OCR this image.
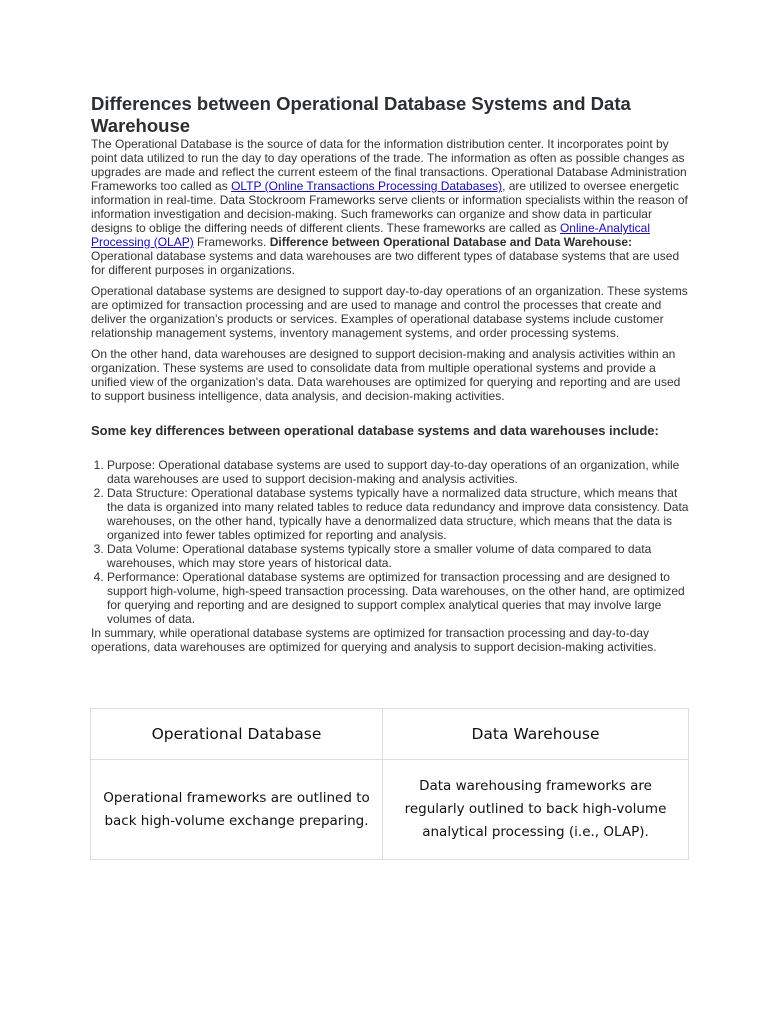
Differences between Operational Database Systems and Data Warehouse

The Operational Database is the source of data for the information distribution center. It incorporates point by point data utilized to run the day to day operations of the trade. The information as often as possible changes as upgrades are made and reflect the current esteem of the final transactions. Operational Database Administration Frameworks too called as OLTP (Online Transactions Processing Databases), are utilized to oversee energetic information in real-time. Data Stockroom Frameworks serve clients or information specialists within the reason of information investigation and decision-making. Such frameworks can organize and show data in particular designs to oblige the differing needs of different clients. These frameworks are called as Online-Analytical Processing (OLAP) Frameworks. Difference between Operational Database and Data Warehouse:

Operational database systems and data warehouses are two different types of database systems that are used for different purposes in organizations.

Operational database systems are designed to support day-to-day operations of an organization. These systems are optimized for transaction processing and are used to manage and control the processes that create and deliver the organization's products or services. Examples of operational database systems include customer relationship management systems, inventory management systems, and order processing systems.

On the other hand, data warehouses are designed to support decision-making and analysis activities within an organization. These systems are used to consolidate data from multiple operational systems and provide a unified view of the organization's data. Data warehouses are optimized for querying and reporting and are used to support business intelligence, data analysis, and decision-making activities.

Some key differences between operational database systems and data warehouses include:
1. Purpose: Operational database systems are used to support day-to-day operations of an organization, while data warehouses are used to support decision-making and analysis activities.
2. Data Structure: Operational database systems typically have a normalized data structure, which means that the data is organized into many related tables to reduce data redundancy and improve data consistency. Data warehouses, on the other hand, typically have a denormalized data structure, which means that the data is organized into fewer tables optimized for reporting and analysis.
3. Data Volume: Operational database systems typically store a smaller volume of data compared to data warehouses, which may store years of historical data.
4. Performance: Operational database systems are optimized for transaction processing and are designed to support high-volume, high-speed transaction processing. Data warehouses, on the other hand, are optimized for querying and reporting and are designed to support complex analytical queries that may involve large volumes of data.

In summary, while operational database systems are optimized for transaction processing and day-to-day operations, data warehouses are optimized for querying and analysis to support decision-making activities.

Operational Database	Data Warehouse
Operational frameworks are outlined to back high-volume exchange preparing.	Data warehousing frameworks are regularly outlined to back high-volume analytical processing (i.e., OLAP).
